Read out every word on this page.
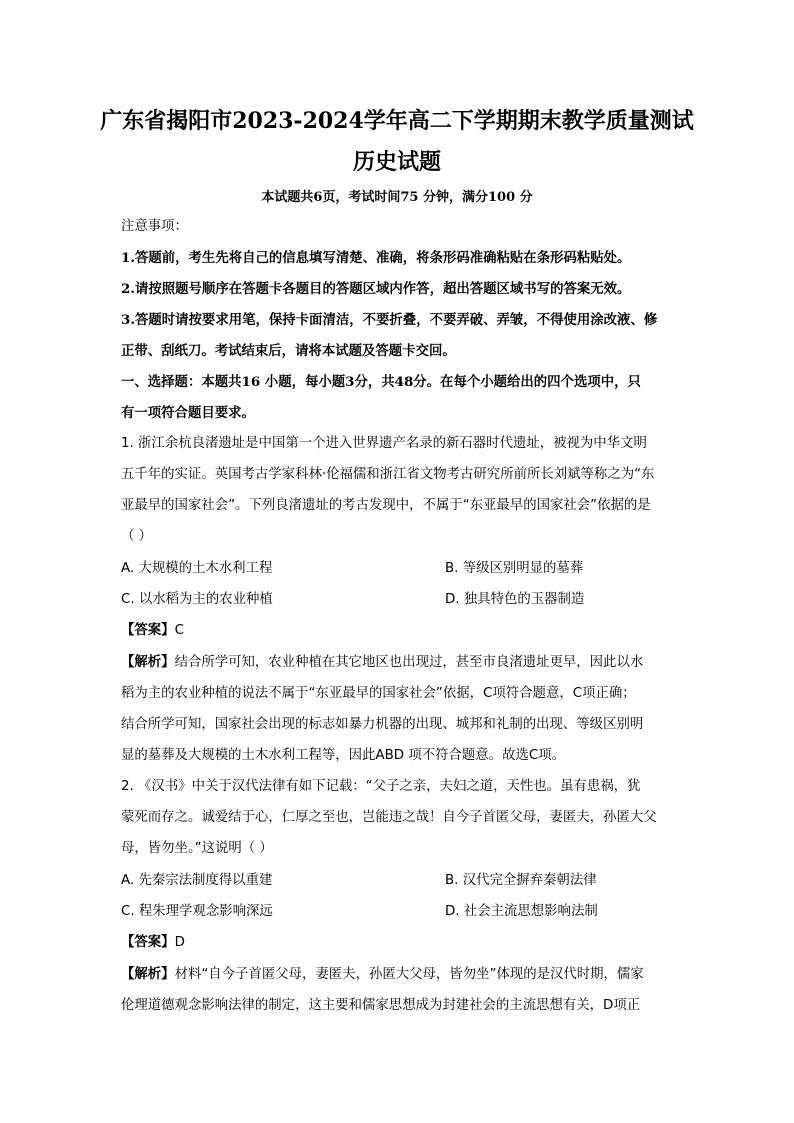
广东省揭阳市2023-2024学年高二下学期期末教学质量测试
历史试题
本试题共6页，考试时间75 分钟，满分100 分
注意事项：
1.答题前，考生先将自己的信息填写清楚、准确，将条形码准确粘贴在条形码粘贴处。
2.请按照题号顺序在答题卡各题目的答题区域内作答，超出答题区域书写的答案无效。
3.答题时请按要求用笔，保持卡面清洁，不要折叠，不要弄破、弄皱，不得使用涂改液、修
正带、刮纸刀。考试结束后，请将本试题及答题卡交回。
一、选择题：本题共16 小题，每小题3分，共48分。在每个小题给出的四个选项中，只
有一项符合题目要求。
1. 浙江余杭良渚遗址是中国第一个进入世界遗产名录的新石器时代遗址，被视为中华文明
五千年的实证。英国考古学家科林·伦福儒和浙江省文物考古研究所前所长刘斌等称之为“东
亚最早的国家社会”。下列良渚遗址的考古发现中，不属于“东亚最早的国家社会”依据的是
（ ）
A. 大规模的土木水利工程	B. 等级区别明显的墓葬
C. 以水稻为主的农业种植	D. 独具特色的玉器制造
【答案】C
【解析】结合所学可知，农业种植在其它地区也出现过，甚至市良渚遗址更早，因此以水
稻为主的农业种植的说法不属于“东亚最早的国家社会”依据，C项符合题意，C项正确；
结合所学可知，国家社会出现的标志如暴力机器的出现、城邦和礼制的出现、等级区别明
显的墓葬及大规模的土木水利工程等，因此ABD 项不符合题意。故选C项。
2. 《汉书》中关于汉代法律有如下记载：“父子之亲，夫妇之道，天性也。虽有患祸，犹
蒙死而存之。诚爱结于心，仁厚之至也，岂能违之哉！自今子首匿父母，妻匿夫，孙匿大父
母，皆勿坐。”这说明（ ）
A. 先秦宗法制度得以重建	B. 汉代完全摒弃秦朝法律
C. 程朱理学观念影响深远	D. 社会主流思想影响法制
【答案】D
【解析】材料“自今子首匿父母，妻匿夫，孙匿大父母，皆勿坐”体现的是汉代时期，儒家
伦理道德观念影响法律的制定，这主要和儒家思想成为封建社会的主流思想有关，D项正
